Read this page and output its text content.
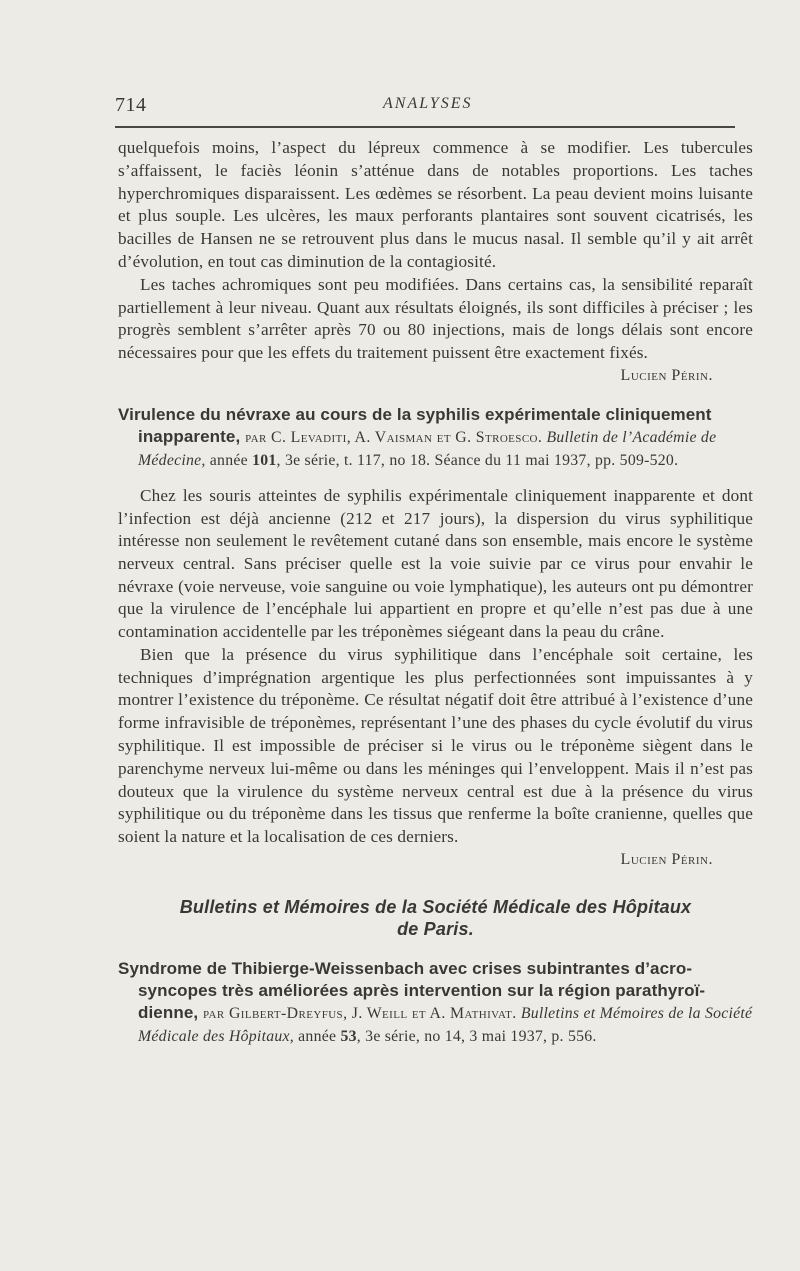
714	ANALYSES

quelquefois moins, l’aspect du lépreux commence à se modifier. Les tubercules s’affaissent, le faciès léonin s’atténue dans de notables proportions. Les taches hyperchromiques disparaissent. Les œdèmes se résorbent. La peau devient moins luisante et plus souple. Les ulcères, les maux perforants plantaires sont souvent cicatrisés, les bacilles de Hansen ne se retrouvent plus dans le mucus nasal. Il semble qu’il y ait arrêt d’évolution, en tout cas diminution de la contagiosité.

Les taches achromiques sont peu modifiées. Dans certains cas, la sensibilité reparaît partiellement à leur niveau. Quant aux résultats éloignés, ils sont difficiles à préciser ; les progrès semblent s’arrêter après 70 ou 80 injections, mais de longs délais sont encore nécessaires pour que les effets du traitement puissent être exactement fixés.

Lucien Périn.

Virulence du névraxe au cours de la syphilis expérimentale cliniquement
inapparente, par C. Levaditi, A. Vaisman et G. Stroesco. Bulletin de l’Académie de Médecine, année 101, 3e série, t. 117, no 18. Séance du 11 mai 1937, pp. 509-520.

Chez les souris atteintes de syphilis expérimentale cliniquement inapparente et dont l’infection est déjà ancienne (212 et 217 jours), la dispersion du virus syphilitique intéresse non seulement le revêtement cutané dans son ensemble, mais encore le système nerveux central. Sans préciser quelle est la voie suivie par ce virus pour envahir le névraxe (voie nerveuse, voie sanguine ou voie lymphatique), les auteurs ont pu démontrer que la virulence de l’encéphale lui appartient en propre et qu’elle n’est pas due à une contamination accidentelle par les tréponèmes siégeant dans la peau du crâne.

Bien que la présence du virus syphilitique dans l’encéphale soit certaine, les techniques d’imprégnation argentique les plus perfectionnées sont impuissantes à y montrer l’existence du tréponème. Ce résultat négatif doit être attribué à l’existence d’une forme infravisible de tréponèmes, représentant l’une des phases du cycle évolutif du virus syphilitique. Il est impossible de préciser si le virus ou le tréponème siègent dans le parenchyme nerveux lui-même ou dans les méninges qui l’enveloppent. Mais il n’est pas douteux que la virulence du système nerveux central est due à la présence du virus syphilitique ou du tréponème dans les tissus que renferme la boîte cranienne, quelles que soient la nature et la localisation de ces derniers.

Lucien Périn.

Bulletins et Mémoires de la Société Médicale des Hôpitaux
de Paris.
Syndrome de Thibierge-Weissenbach avec crises subintrantes d’acro-
syncopes très améliorées après intervention sur la région parathyroï-
dienne, par Gilbert-Dreyfus, J. Weill et A. Mathivat. Bulletins et Mémoires de la Société Médicale des Hôpitaux, année 53, 3e série, no 14, 3 mai 1937, p. 556.
